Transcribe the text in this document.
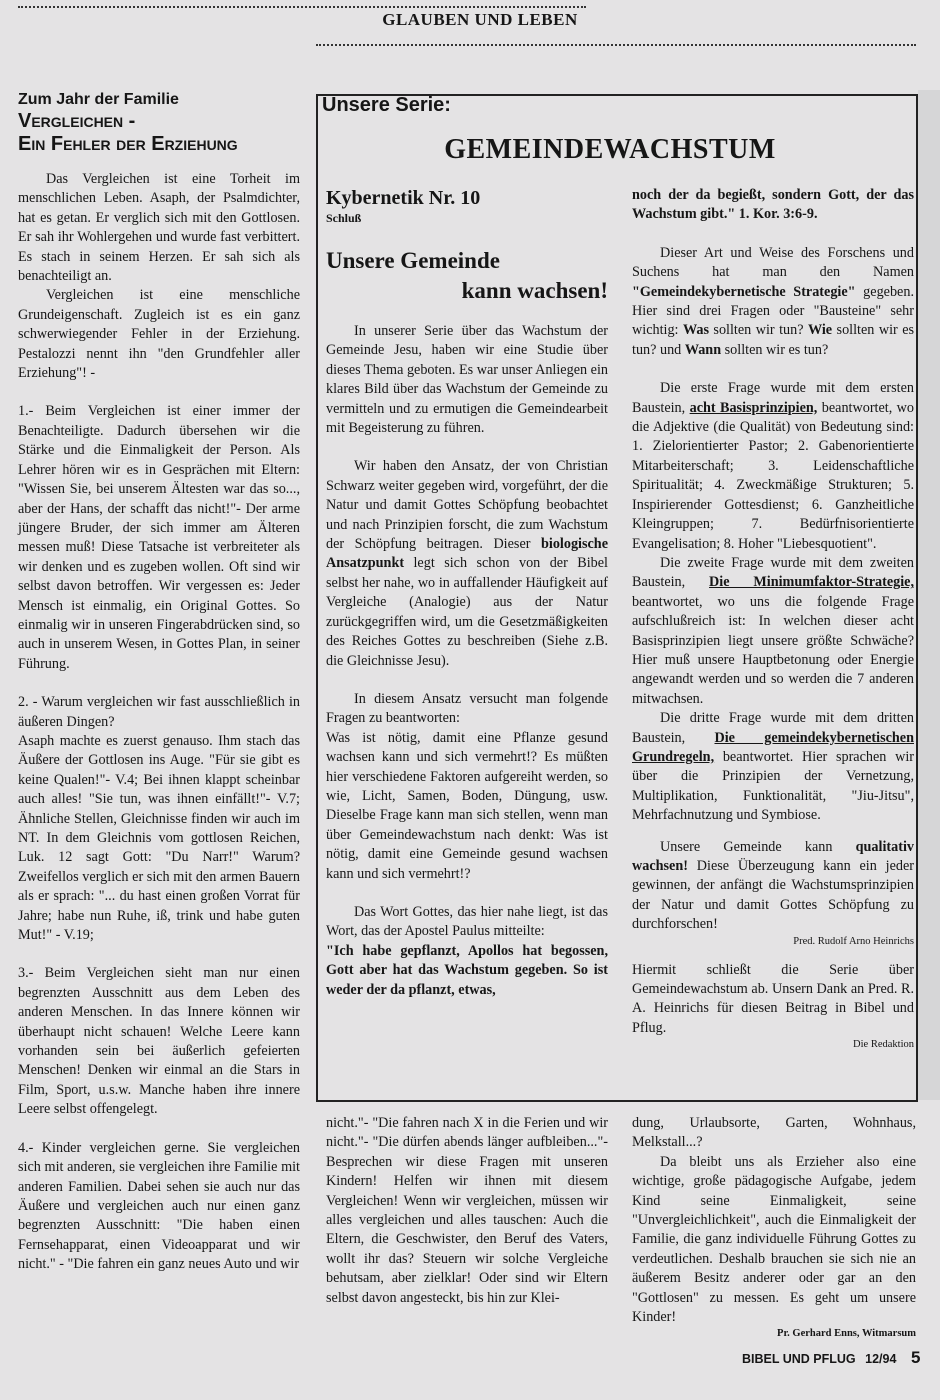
GLAUBEN UND LEBEN
Zum Jahr der Familie
Vergleichen -
Ein Fehler der Erziehung

Das Vergleichen ist eine Torheit im menschlichen Leben. Asaph, der Psalmdichter, hat es getan. Er verglich sich mit den Gottlosen. Er sah ihr Wohlergehen und wurde fast verbittert. Es stach in seinem Herzen. Er sah sich als benachteiligt an.

Vergleichen ist eine menschliche Grundeigenschaft. Zugleich ist es ein ganz schwerwiegender Fehler in der Erziehung. Pestalozzi nennt ihn "den Grundfehler aller Erziehung"! -

1.- Beim Vergleichen ist einer immer der Benachteiligte. Dadurch übersehen wir die Stärke und die Einmaligkeit der Person. Als Lehrer hören wir es in Gesprächen mit Eltern: "Wissen Sie, bei unserem Ältesten war das so..., aber der Hans, der schafft das nicht!"- Der arme jüngere Bruder, der sich immer am Älteren messen muß! Diese Tatsache ist verbreiteter als wir denken und es zugeben wollen. Oft sind wir selbst davon betroffen. Wir vergessen es: Jeder Mensch ist einmalig, ein Original Gottes. So einmalig wir in unseren Fingerabdrücken sind, so auch in unserem Wesen, in Gottes Plan, in seiner Führung.

2. - Warum vergleichen wir fast ausschließlich in äußeren Dingen?

Asaph machte es zuerst genauso. Ihm stach das Äußere der Gottlosen ins Auge. "Für sie gibt es keine Qualen!"- V.4; Bei ihnen klappt scheinbar auch alles! "Sie tun, was ihnen einfällt!"- V.7; Ähnliche Stellen, Gleichnisse finden wir auch im NT. In dem Gleichnis vom gottlosen Reichen, Luk. 12 sagt Gott: "Du Narr!" Warum? Zweifellos verglich er sich mit den armen Bauern als er sprach: "... du hast einen großen Vorrat für Jahre; habe nun Ruhe, iß, trink und habe guten Mut!" - V.19;

3.- Beim Vergleichen sieht man nur einen begrenzten Ausschnitt aus dem Leben des anderen Menschen. In das Innere können wir überhaupt nicht schauen! Welche Leere kann vorhanden sein bei äußerlich gefeierten Menschen! Denken wir einmal an die Stars in Film, Sport, u.s.w. Manche haben ihre innere Leere selbst offengelegt.

4.- Kinder vergleichen gerne. Sie vergleichen sich mit anderen, sie vergleichen ihre Familie mit anderen Familien. Dabei sehen sie auch nur das Äußere und vergleichen auch nur einen ganz begrenzten Ausschnitt: "Die haben einen Fernsehapparat, einen Videoapparat und wir nicht." - "Die fahren ein ganz neues Auto und wir

Unsere Serie:
GEMEINDEWACHSTUM
Kybernetik Nr. 10
Schluß
Unsere Gemeinde
kann wachsen!

In unserer Serie über das Wachstum der Gemeinde Jesu, haben wir eine Studie über dieses Thema geboten. Es war unser Anliegen ein klares Bild über das Wachstum der Gemeinde zu vermitteln und zu ermutigen die Gemeindearbeit mit Begeisterung zu führen.

Wir haben den Ansatz, der von Christian Schwarz weiter gegeben wird, vorgeführt, der die Natur und damit Gottes Schöpfung beobachtet und nach Prinzipien forscht, die zum Wachstum der Schöpfung beitragen. Dieser biologische Ansatzpunkt legt sich schon von der Bibel selbst her nahe, wo in auffallender Häufigkeit auf Vergleiche (Analogie) aus der Natur zurückgegriffen wird, um die Gesetzmäßigkeiten des Reiches Gottes zu beschreiben (Siehe z.B. die Gleichnisse Jesu).

In diesem Ansatz versucht man folgende Fragen zu beantworten:

Was ist nötig, damit eine Pflanze gesund wachsen kann und sich vermehrt!? Es müßten hier verschiedene Faktoren aufgereiht werden, so wie, Licht, Samen, Boden, Düngung, usw. Dieselbe Frage kann man sich stellen, wenn man über Gemeindewachstum nach denkt: Was ist nötig, damit eine Gemeinde gesund wachsen kann und sich vermehrt!?

Das Wort Gottes, das hier nahe liegt, ist das Wort, das der Apostel Paulus mitteilte:

"Ich habe gepflanzt, Apollos hat begossen, Gott aber hat das Wachstum gegeben. So ist weder der da pflanzt, etwas,

noch der da begießt, sondern Gott, der das Wachstum gibt." 1. Kor. 3:6-9.

Dieser Art und Weise des Forschens und Suchens hat man den Namen "Gemeindekybernetische Strategie" gegeben. Hier sind drei Fragen oder "Bausteine" sehr wichtig: Was sollten wir tun? Wie sollten wir es tun? und Wann sollten wir es tun?

Die erste Frage wurde mit dem ersten Baustein, acht Basisprinzipien, beantwortet, wo die Adjektive (die Qualität) von Bedeutung sind: 1. Zielorientierter Pastor; 2. Gabenorientierte Mitarbeiterschaft; 3. Leidenschaftliche Spiritualität; 4. Zweckmäßige Strukturen; 5. Inspirierender Gottesdienst; 6. Ganzheitliche Kleingruppen; 7. Bedürfnisorientierte Evangelisation; 8. Hoher "Liebesquotient".

Die zweite Frage wurde mit dem zweiten Baustein, Die Minimumfaktor-Strategie, beantwortet, wo uns die folgende Frage aufschlußreich ist: In welchen dieser acht Basisprinzipien liegt unsere größte Schwäche? Hier muß unsere Hauptbetonung oder Energie angewandt werden und so werden die 7 anderen mitwachsen.

Die dritte Frage wurde mit dem dritten Baustein, Die gemeindekybernetischen Grundregeln, beantwortet. Hier sprachen wir über die Prinzipien der Vernetzung, Multiplikation, Funktionalität, "Jiu-Jitsu", Mehrfachnutzung und Symbiose.

Unsere Gemeinde kann qualitativ wachsen! Diese Überzeugung kann ein jeder gewinnen, der anfängt die Wachstumsprinzipien der Natur und damit Gottes Schöpfung zu durchforschen!

Pred. Rudolf Arno Heinrichs

Hiermit schließt die Serie über Gemeindewachstum ab. Unsern Dank an Pred. R. A. Heinrichs für diesen Beitrag in Bibel und Pflug.

Die Redaktion

nicht."- "Die fahren nach X in die Ferien und wir nicht."- "Die dürfen abends länger aufbleiben..."- Besprechen wir diese Fragen mit unseren Kindern! Helfen wir ihnen mit diesem Vergleichen! Wenn wir vergleichen, müssen wir alles vergleichen und alles tauschen: Auch die Eltern, die Geschwister, den Beruf des Vaters, wollt ihr das? Steuern wir solche Vergleiche behutsam, aber zielklar! Oder sind wir Eltern selbst davon angesteckt, bis hin zur Klei-

dung, Urlaubsorte, Garten, Wohnhaus, Melkstall...?

Da bleibt uns als Erzieher also eine wichtige, große pädagogische Aufgabe, jedem Kind seine Einmaligkeit, seine "Unvergleichlichkeit", auch die Einmaligkeit der Familie, die ganz individuelle Führung Gottes zu verdeutlichen. Deshalb brauchen sie sich nie an äußerem Besitz anderer oder gar an den "Gottlosen" zu messen. Es geht um unsere Kinder!

Pr. Gerhard Enns, Witmarsum

BIBEL UND PFLUG 12/94 5
